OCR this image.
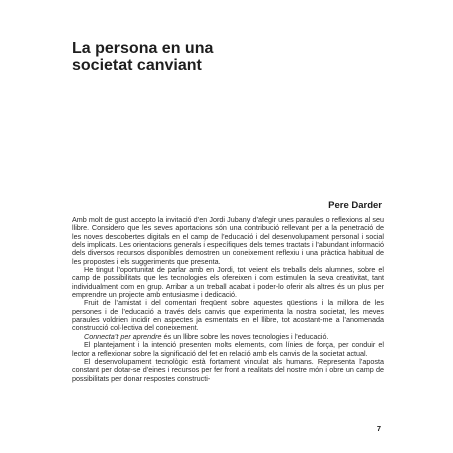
La persona en una
societat canviant

Pere Darder

Amb molt de gust accepto la invitació d’en Jordi Jubany d’afegir unes paraules o reflexions al seu llibre. Considero que les seves aportacions són una contribució rellevant per a la penetració de les noves descobertes digitals en el camp de l’educació i del desenvolupament personal i social dels implicats. Les orientacions generals i específiques dels temes tractats i l’abundant informació dels diversos recursos disponibles demostren un coneixement reflexiu i una pràctica habitual de les propostes i els suggeriments que presenta.

He tingut l’oportunitat de parlar amb en Jordi, tot veient els treballs dels alumnes, sobre el camp de possibilitats que les tecnologies els ofereixen i com estimulen la seva creativitat, tant individualment com en grup. Arribar a un treball acabat i poder-lo oferir als altres és un plus per emprendre un projecte amb entusiasme i dedicació.

Fruit de l’amistat i del comentari freqüent sobre aquestes qüestions i la millora de les persones i de l’educació a través dels canvis que experimenta la nostra societat, les meves paraules voldrien incidir en aspectes ja esmentats en el llibre, tot acostant-me a l’anomenada construcció col·lectiva del coneixement.

Connecta’t per aprendre és un llibre sobre les noves tecnologies i l’educació.

El plantejament i la intenció presenten molts elements, com línies de força, per conduir el lector a reflexionar sobre la significació del fet en relació amb els canvis de la societat actual.

El desenvolupament tecnològic està fortament vinculat als humans. Representa l’aposta constant per dotar-se d’eines i recursos per fer front a realitats del nostre món i obre un camp de possibilitats per donar respostes constructi-

7
